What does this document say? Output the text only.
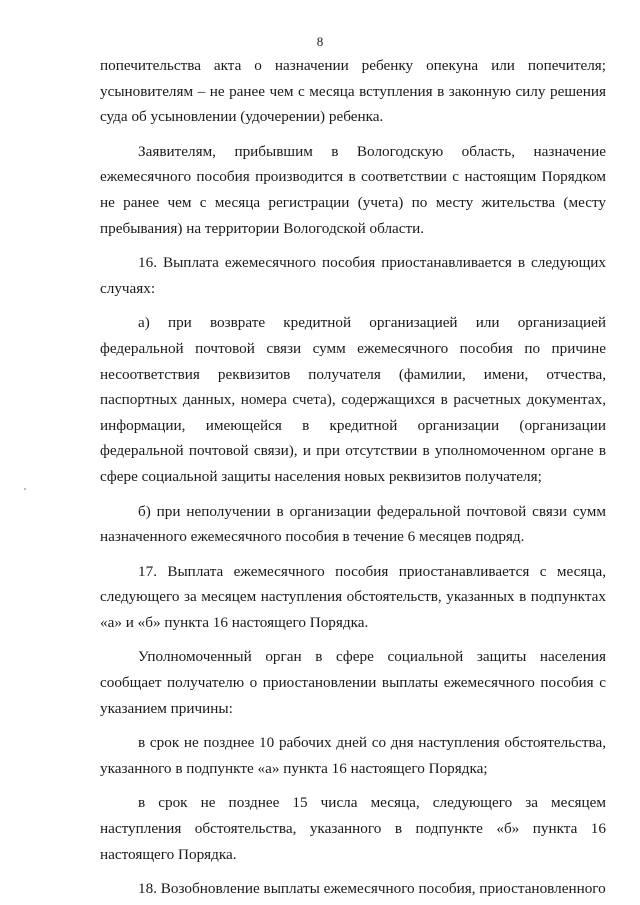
8

попечительства акта о назначении ребенку опекуна или попечителя; усыновителям – не ранее чем с месяца вступления в законную силу решения суда об усыновлении (удочерении) ребенка.

Заявителям, прибывшим в Вологодскую область, назначение ежемесячного пособия производится в соответствии с настоящим Порядком не ранее чем с месяца регистрации (учета) по месту жительства (месту пребывания) на территории Вологодской области.

16. Выплата ежемесячного пособия приостанавливается в следующих случаях:

а) при возврате кредитной организацией или организацией федеральной почтовой связи сумм ежемесячного пособия по причине несоответствия реквизитов получателя (фамилии, имени, отчества, паспортных данных, номера счета), содержащихся в расчетных документах, информации, имеющейся в кредитной организации (организации федеральной почтовой связи), и при отсутствии в уполномоченном органе в сфере социальной защиты населения новых реквизитов получателя;

б) при неполучении в организации федеральной почтовой связи сумм назначенного ежемесячного пособия в течение 6 месяцев подряд.

17. Выплата ежемесячного пособия приостанавливается с месяца, следующего за месяцем наступления обстоятельств, указанных в подпунктах «а» и «б» пункта 16 настоящего Порядка.

Уполномоченный орган в сфере социальной защиты населения сообщает получателю о приостановлении выплаты ежемесячного пособия с указанием причины:

в срок не позднее 10 рабочих дней со дня наступления обстоятельства, указанного в подпункте «а» пункта 16 настоящего Порядка;

в срок не позднее 15 числа месяца, следующего за месяцем наступления обстоятельства, указанного в подпункте «б» пункта 16 настоящего Порядка.

18. Возобновление выплаты ежемесячного пособия, приостановленного
